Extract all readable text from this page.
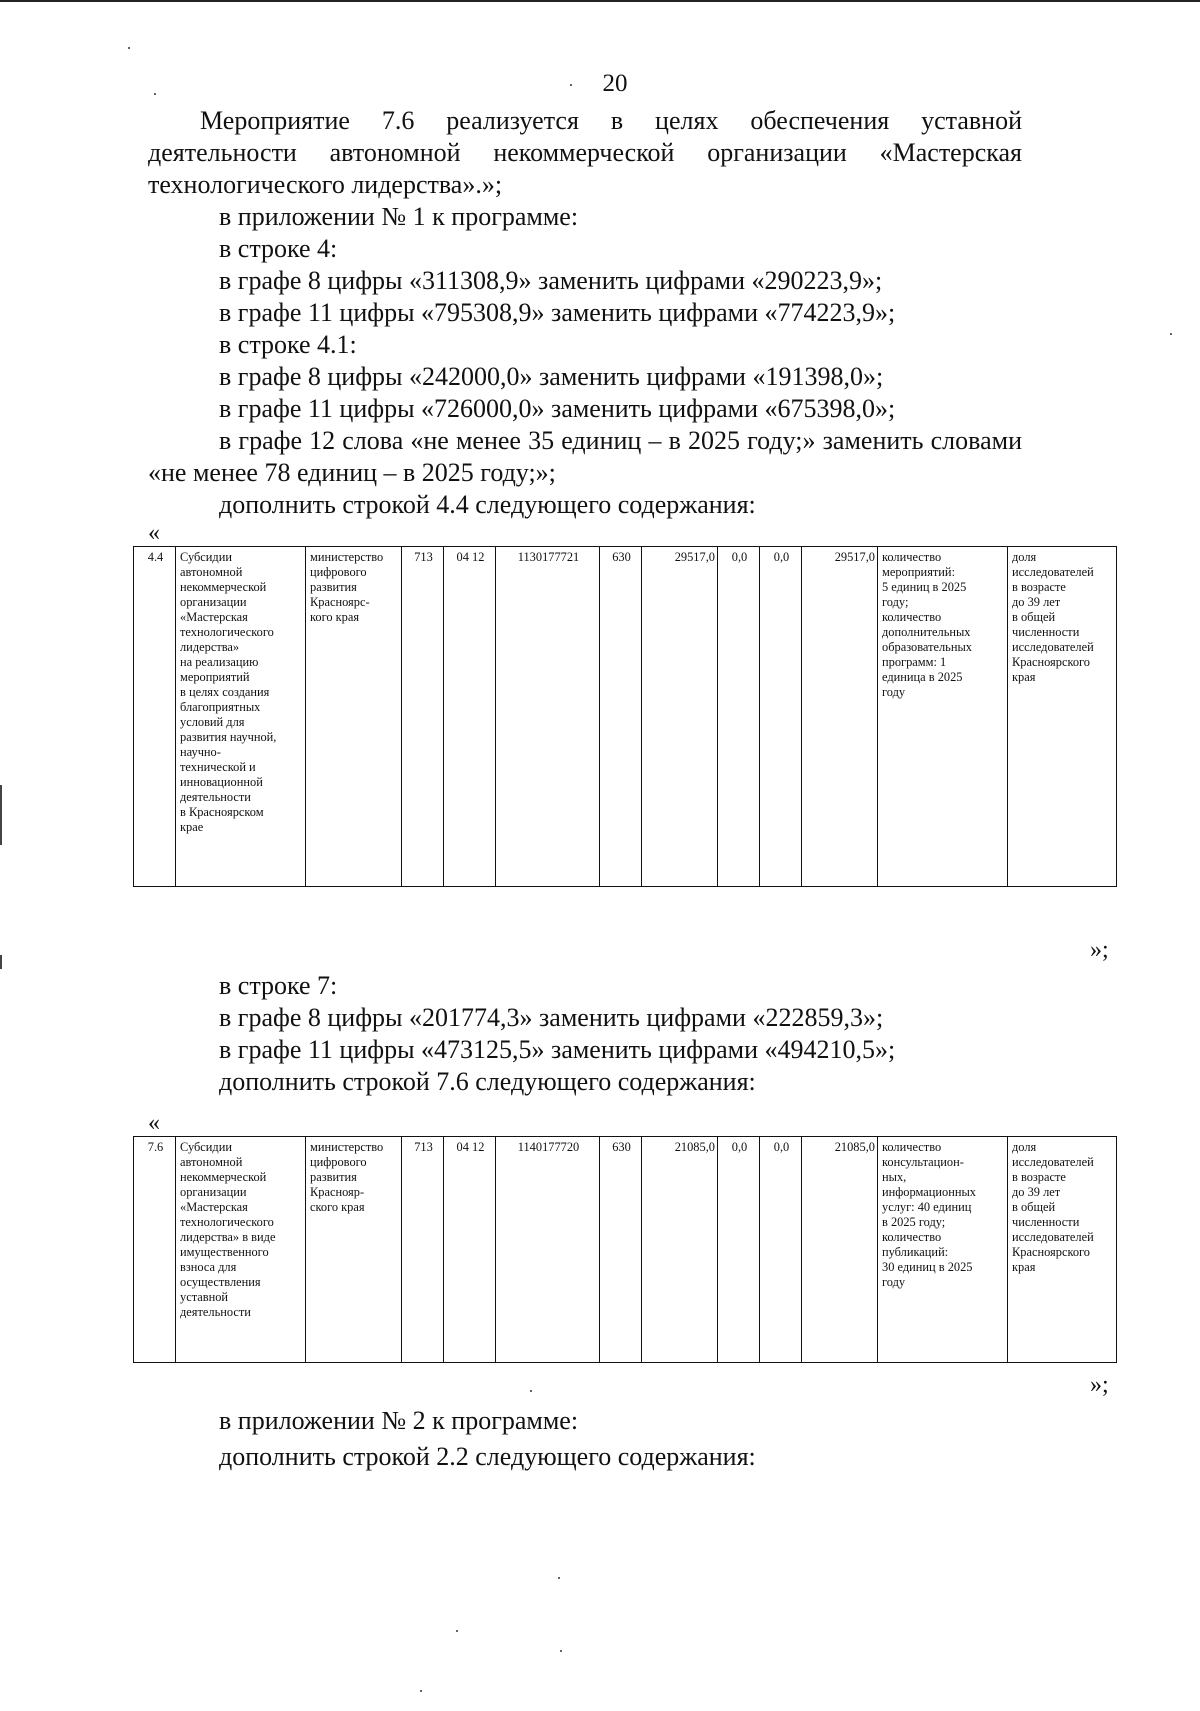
20
Мероприятие 7.6 реализуется в целях обеспечения уставной деятельности автономной некоммерческой организации «Мастерская технологического лидерства».»;
в приложении № 1 к программе:
в строке 4:
в графе 8 цифры «311308,9» заменить цифрами «290223,9»;
в графе 11 цифры «795308,9» заменить цифрами «774223,9»;
в строке 4.1:
в графе 8 цифры «242000,0» заменить цифрами «191398,0»;
в графе 11 цифры «726000,0» заменить цифрами «675398,0»;
в графе 12 слова «не менее 35 единиц – в 2025 году;» заменить словами «не менее 78 единиц – в 2025 году;»;
дополнить строкой 4.4 следующего содержания:
«
4.4	Субсидии
автономной
некоммерческой
организации
«Мастерская
технологического
лидерства»
на реализацию
мероприятий
в целях создания
благоприятных
условий для
развития научной,
научно-
технической и
инновационной
деятельности
в Красноярском
крае	министерство
цифрового
развития
Красноярс-
кого края	713	04 12	1130177721	630	29517,0	0,0	0,0	29517,0	количество
мероприятий:
5 единиц в 2025
году;
количество
дополнительных
образовательных
программ: 1
единица в 2025
году	доля
исследователей
в возрасте
до 39 лет
в общей
численности
исследователей
Красноярского
края
»;
в строке 7:
в графе 8 цифры «201774,3» заменить цифрами «222859,3»;
в графе 11 цифры «473125,5» заменить цифрами «494210,5»;
дополнить строкой 7.6 следующего содержания:
«
7.6	Субсидии
автономной
некоммерческой
организации
«Мастерская
технологического
лидерства» в виде
имущественного
взноса для
осуществления
уставной
деятельности	министерство
цифрового
развития
Краснояр-
ского края	713	04 12	1140177720	630	21085,0	0,0	0,0	21085,0	количество
консультацион-
ных,
информационных
услуг: 40 единиц
в 2025 году;
количество
публикаций:
30 единиц в 2025
году	доля
исследователей
в возрасте
до 39 лет
в общей
численности
исследователей
Красноярского
края
»;
в приложении № 2 к программе:
дополнить строкой 2.2 следующего содержания:
